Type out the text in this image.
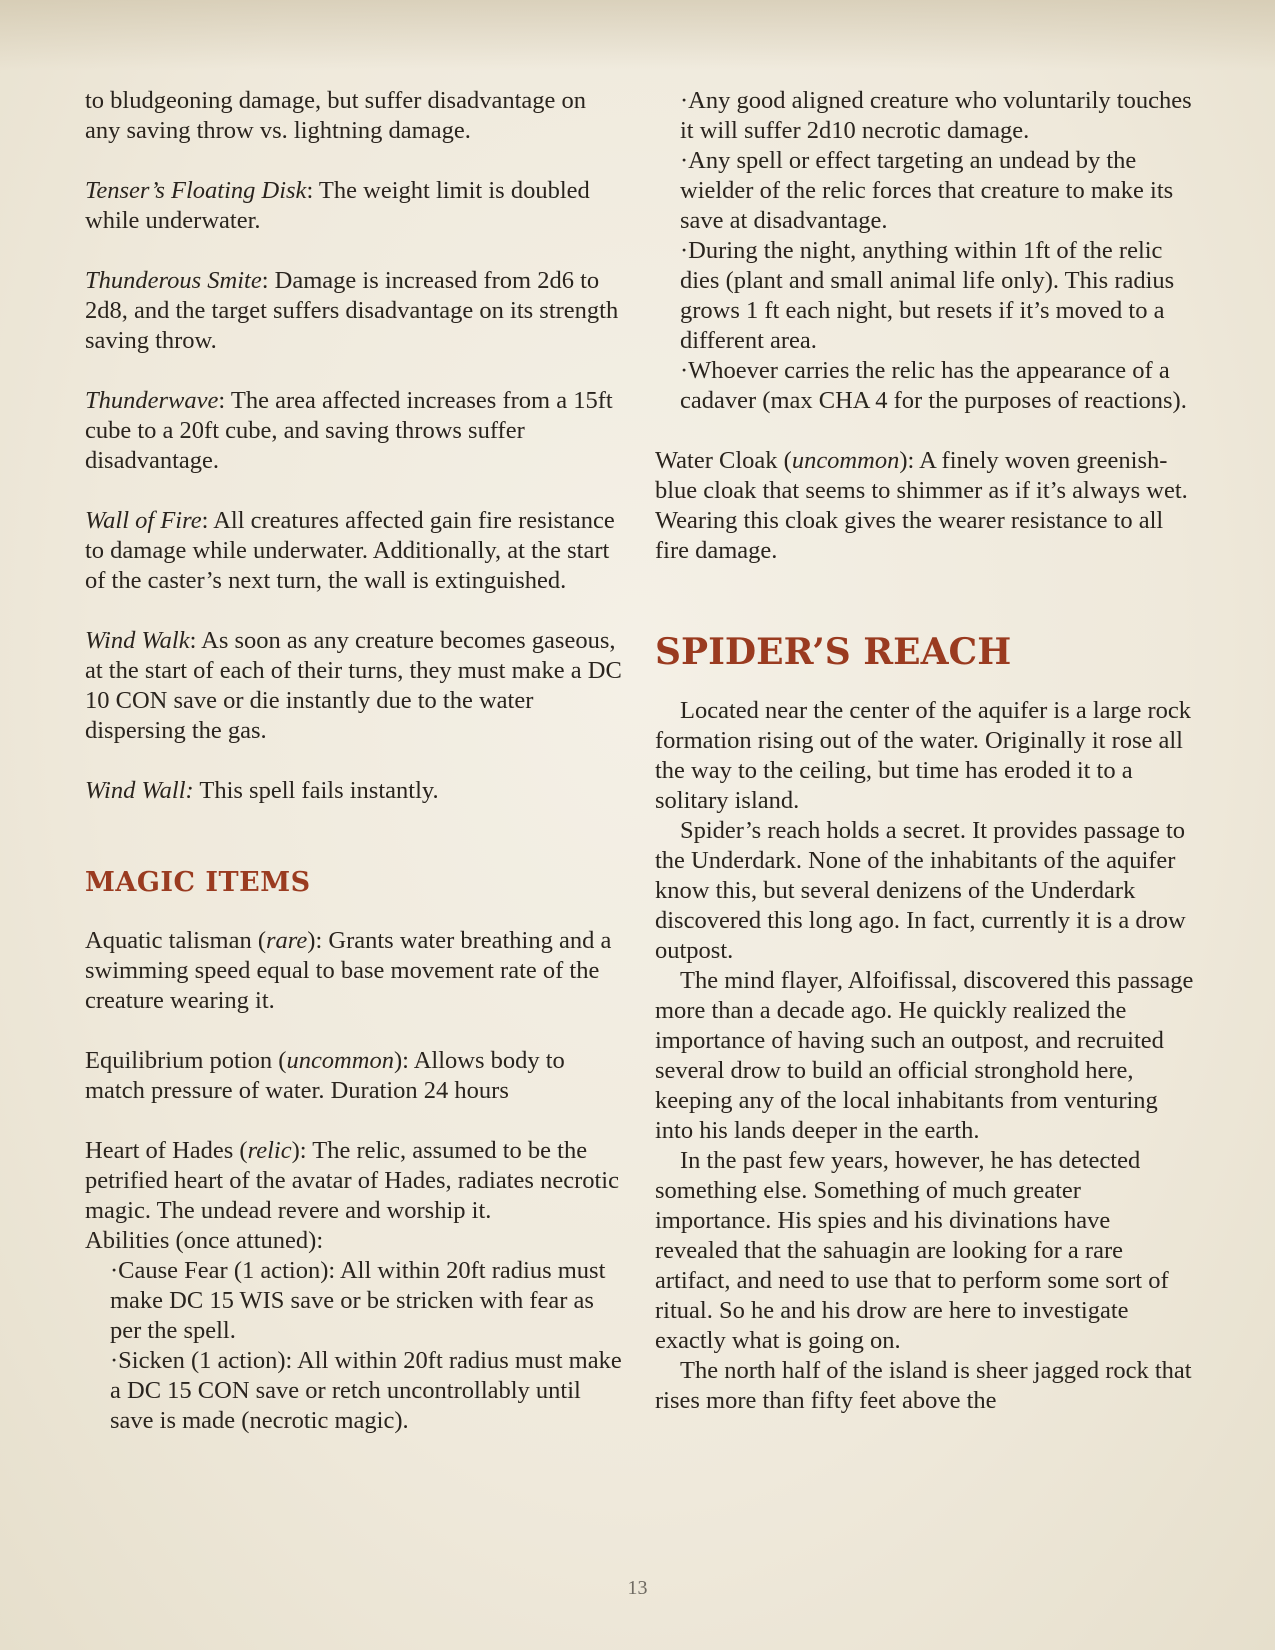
to bludgeoning damage, but suffer disadvantage on any saving throw vs. lightning damage.

Tenser’s Floating Disk: The weight limit is doubled while underwater.

Thunderous Smite: Damage is increased from 2d6 to 2d8, and the target suffers disadvantage on its strength saving throw.

Thunderwave: The area affected increases from a 15ft cube to a 20ft cube, and saving throws suffer disadvantage.

Wall of Fire: All creatures affected gain fire resistance to damage while underwater. Additionally, at the start of the caster’s next turn, the wall is extinguished.

Wind Walk: As soon as any creature becomes gaseous, at the start of each of their turns, they must make a DC 10 CON save or die instantly due to the water dispersing the gas.

Wind Wall: This spell fails instantly.

MAGIC ITEMS

Aquatic talisman (rare): Grants water breathing and a swimming speed equal to base movement rate of the creature wearing it.

Equilibrium potion (uncommon): Allows body to match pressure of water. Duration 24 hours

Heart of Hades (relic): The relic, assumed to be the petrified heart of the avatar of Hades, radiates necrotic magic. The undead revere and worship it.

Abilities (once attuned):

·Cause Fear (1 action): All within 20ft radius must make DC 15 WIS save or be stricken with fear as per the spell.

·Sicken (1 action): All within 20ft radius must make a DC 15 CON save or retch uncontrollably until save is made (necrotic magic).

·Any good aligned creature who voluntarily touches it will suffer 2d10 necrotic damage.

·Any spell or effect targeting an undead by the wielder of the relic forces that creature to make its save at disadvantage.

·During the night, anything within 1ft of the relic dies (plant and small animal life only). This radius grows 1 ft each night, but resets if it’s moved to a different area.

·Whoever carries the relic has the appearance of a cadaver (max CHA 4 for the purposes of reactions).

Water Cloak (uncommon): A finely woven greenish-blue cloak that seems to shimmer as if it’s always wet. Wearing this cloak gives the wearer resistance to all fire damage.

SPIDER’S REACH

Located near the center of the aquifer is a large rock formation rising out of the water. Originally it rose all the way to the ceiling, but time has eroded it to a solitary island.

Spider’s reach holds a secret. It provides passage to the Underdark. None of the inhabitants of the aquifer know this, but several denizens of the Underdark discovered this long ago. In fact, currently it is a drow outpost.

The mind flayer, Alfoifissal, discovered this passage more than a decade ago. He quickly realized the importance of having such an outpost, and recruited several drow to build an official stronghold here, keeping any of the local inhabitants from venturing into his lands deeper in the earth.

In the past few years, however, he has detected something else. Something of much greater importance. His spies and his divinations have revealed that the sahuagin are looking for a rare artifact, and need to use that to perform some sort of ritual. So he and his drow are here to investigate exactly what is going on.

The north half of the island is sheer jagged rock that rises more than fifty feet above the

13
